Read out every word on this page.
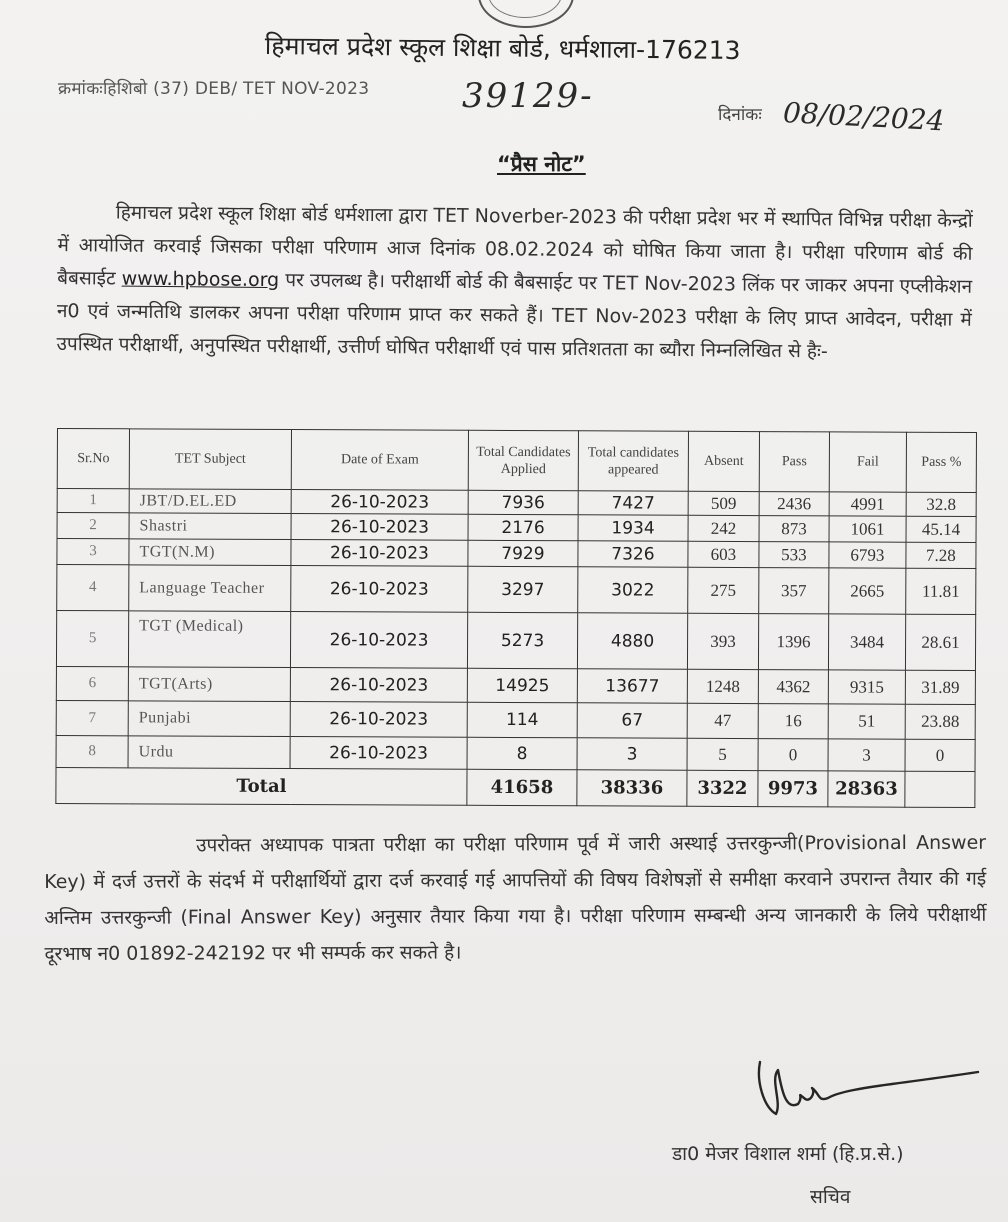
हिमाचल प्रदेश स्कूल शिक्षा बोर्ड, धर्मशाला-176213
क्रमांकःहिशिबो (37) DEB/ TET NOV-2023	39129-	दिनांकः 08/02/2024
“प्रैस नोट”
हिमाचल प्रदेश स्कूल शिक्षा बोर्ड धर्मशाला द्वारा TET Noverber-2023 की परीक्षा प्रदेश भर में स्थापित विभिन्न परीक्षा केन्द्रों में आयोजित करवाई जिसका परीक्षा परिणाम आज दिनांक 08.02.2024 को घोषित किया जाता है। परीक्षा परिणाम बोर्ड की बैबसाईट www.hpbose.org पर उपलब्ध है। परीक्षार्थी बोर्ड की बैबसाईट पर TET Nov-2023 लिंक पर जाकर अपना एप्लीकेशन न0 एवं जन्मतिथि डालकर अपना परीक्षा परिणाम प्राप्त कर सकते हैं। TET Nov-2023 परीक्षा के लिए प्राप्त आवेदन, परीक्षा में उपस्थित परीक्षार्थी, अनुपस्थित परीक्षार्थी, उत्तीर्ण घोषित परीक्षार्थी एवं पास प्रतिशतता का ब्यौरा निम्नलिखित से हैः-
Sr.No	TET Subject	Date of Exam	Total Candidates Applied	Total candidates appeared	Absent	Pass	Fail	Pass %
1	JBT/D.EL.ED	26-10-2023	7936	7427	509	2436	4991	32.8
2	Shastri	26-10-2023	2176	1934	242	873	1061	45.14
3	TGT(N.M)	26-10-2023	7929	7326	603	533	6793	7.28
4	Language Teacher	26-10-2023	3297	3022	275	357	2665	11.81
5	TGT (Medical)	26-10-2023	5273	4880	393	1396	3484	28.61
6	TGT(Arts)	26-10-2023	14925	13677	1248	4362	9315	31.89
7	Punjabi	26-10-2023	114	67	47	16	51	23.88
8	Urdu	26-10-2023	8	3	5	0	3	0
Total			41658	38336	3322	9973	28363	
उपरोक्त अध्यापक पात्रता परीक्षा का परीक्षा परिणाम पूर्व में जारी अस्थाई उत्तरकुन्जी(Provisional Answer Key) में दर्ज उत्तरों के संदर्भ में परीक्षार्थियों द्वारा दर्ज करवाई गई आपत्तियों की विषय विशेषज्ञों से समीक्षा करवाने उपरान्त तैयार की गई अन्तिम उत्तरकुन्जी (Final Answer Key) अनुसार तैयार किया गया है। परीक्षा परिणाम सम्बन्धी अन्य जानकारी के लिये परीक्षार्थी दूरभाष न0 01892-242192 पर भी सम्पर्क कर सकते है।
डा0 मेजर विशाल शर्मा (हि.प्र.से.)
सचिव
